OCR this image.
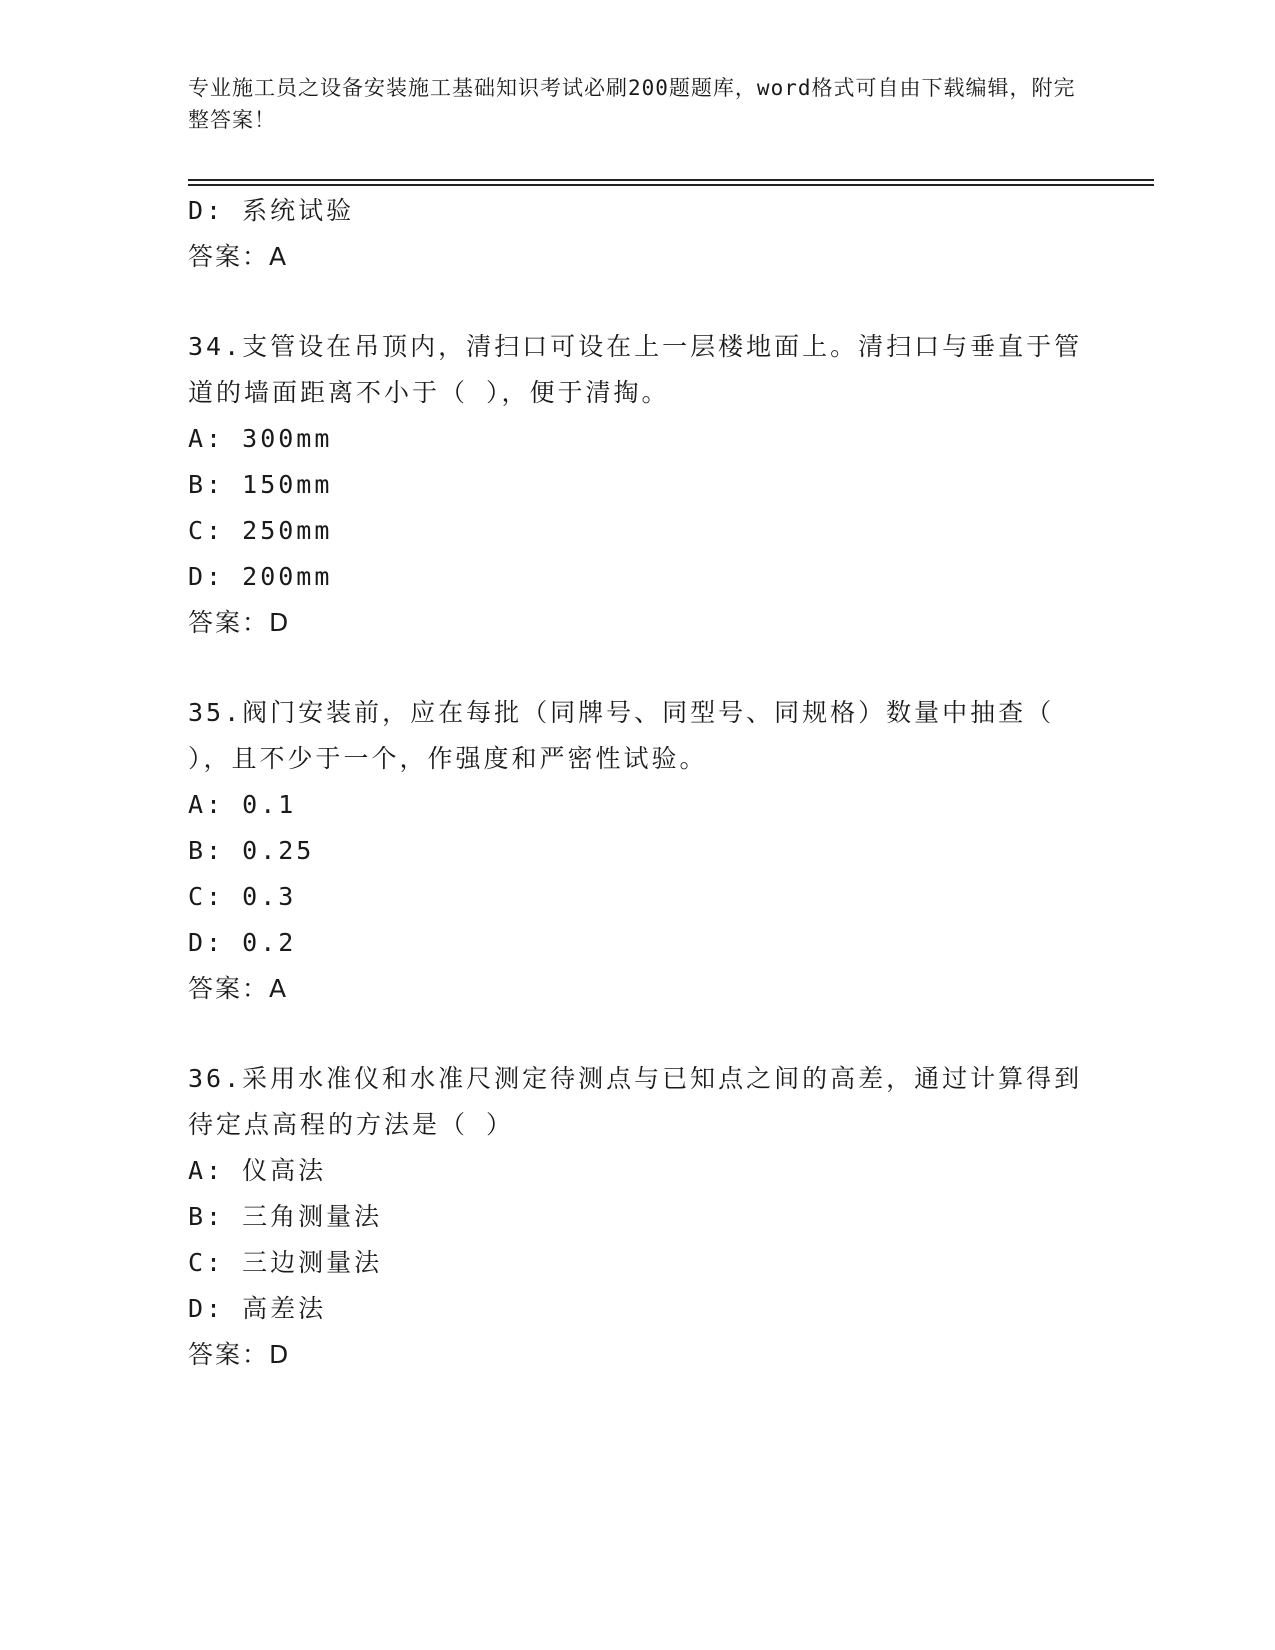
专业施工员之设备安装施工基础知识考试必刷200题题库，word格式可自由下载编辑，附完整答案！
D: 系统试验
答案：A
34.支管设在吊顶内，清扫口可设在上一层楼地面上。清扫口与垂直于管道的墙面距离不小于（ ），便于清掏。
A: 300mm
B: 150mm
C: 250mm
D: 200mm
答案：D
35.阀门安装前，应在每批（同牌号、同型号、同规格）数量中抽查（ ），且不少于一个，作强度和严密性试验。
A: 0.1
B: 0.25
C: 0.3
D: 0.2
答案：A
36.采用水准仪和水准尺测定待测点与已知点之间的高差，通过计算得到待定点高程的方法是（ ）
A: 仪高法
B: 三角测量法
C: 三边测量法
D: 高差法
答案：D
